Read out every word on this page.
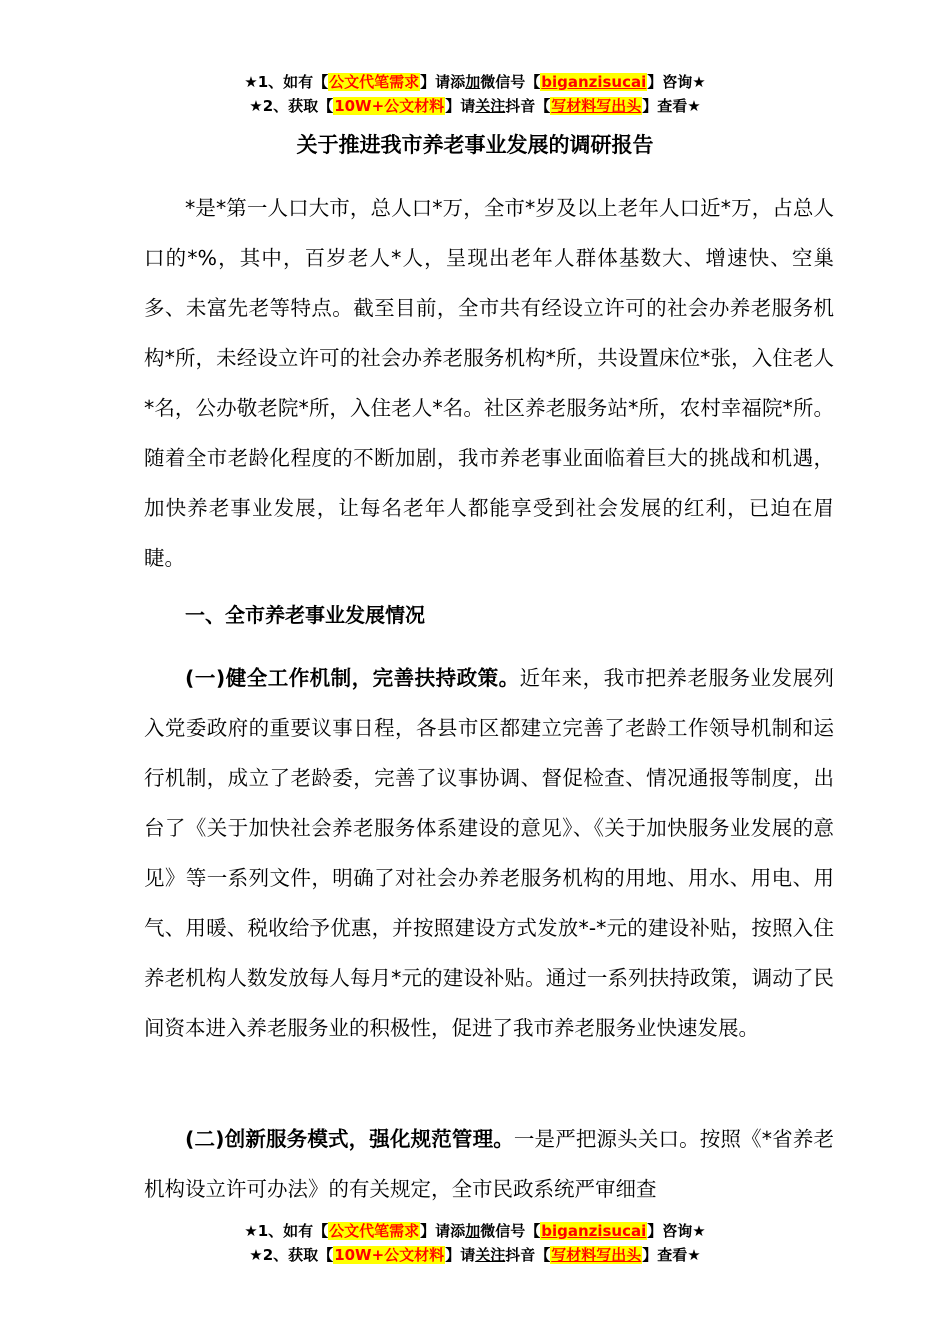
★1、如有【公文代笔需求】请添加微信号【biganzisucai】咨询★
★2、获取【10W+公文材料】请关注抖音【写材料写出头】查看★
关于推进我市养老事业发展的调研报告

*是*第一人口大市，总人口*万，全市*岁及以上老年人口近*万，占总人口的*%，其中，百岁老人*人，呈现出老年人群体基数大、增速快、空巢多、未富先老等特点。截至目前，全市共有经设立许可的社会办养老服务机构*所，未经设立许可的社会办养老服务机构*所，共设置床位*张，入住老人*名，公办敬老院*所，入住老人*名。社区养老服务站*所，农村幸福院*所。随着全市老龄化程度的不断加剧，我市养老事业面临着巨大的挑战和机遇，加快养老事业发展，让每名老年人都能享受到社会发展的红利，已迫在眉睫。

一、全市养老事业发展情况

(一)健全工作机制，完善扶持政策。近年来，我市把养老服务业发展列入党委政府的重要议事日程，各县市区都建立完善了老龄工作领导机制和运行机制，成立了老龄委，完善了议事协调、督促检查、情况通报等制度，出台了《关于加快社会养老服务体系建设的意见》、《关于加快服务业发展的意见》等一系列文件，明确了对社会办养老服务机构的用地、用水、用电、用气、用暖、税收给予优惠，并按照建设方式发放*-*元的建设补贴，按照入住养老机构人数发放每人每月*元的建设补贴。通过一系列扶持政策，调动了民间资本进入养老服务业的积极性，促进了我市养老服务业快速发展。

(二)创新服务模式，强化规范管理。一是严把源头关口。按照《*省养老机构设立许可办法》的有关规定，全市民政系统严审细查

★1、如有【公文代笔需求】请添加微信号【biganzisucai】咨询★
★2、获取【10W+公文材料】请关注抖音【写材料写出头】查看★
